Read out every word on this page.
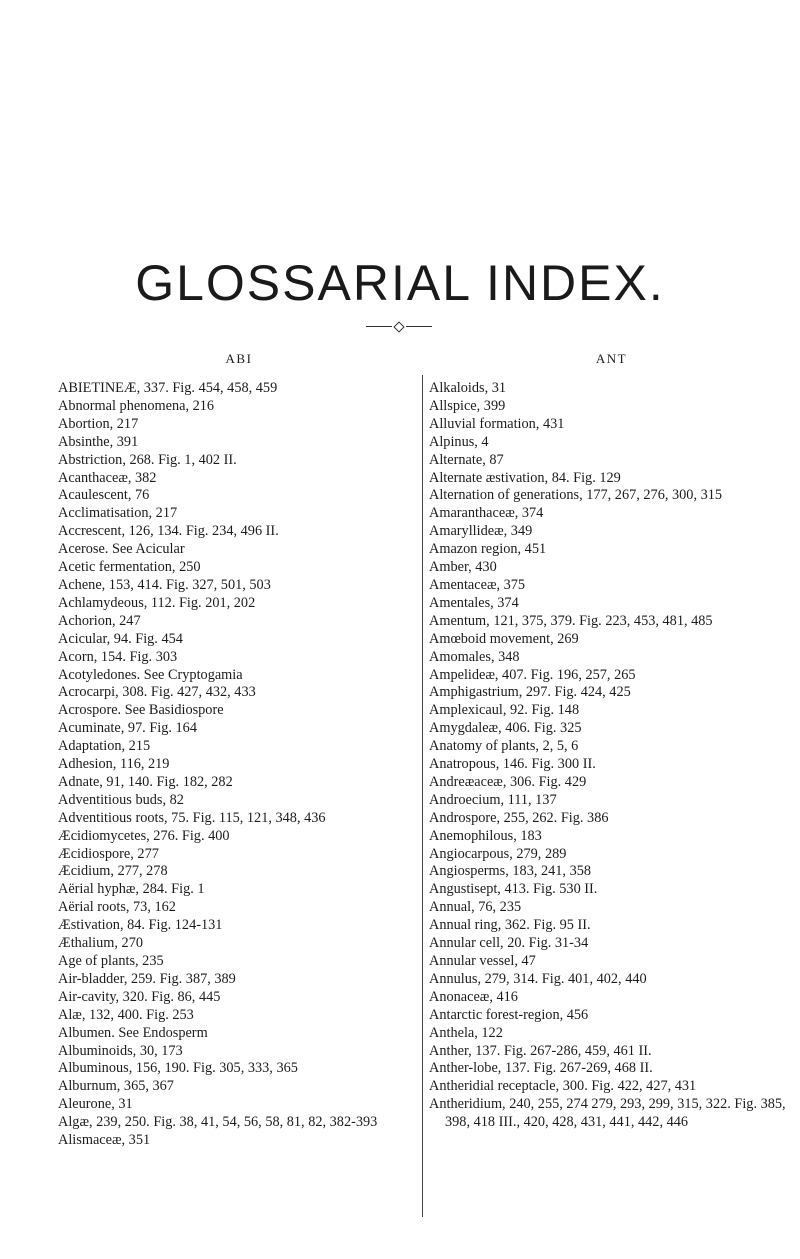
GLOSSARIAL INDEX.
ABI
ABIETINEÆ, 337. Fig. 454, 458, 459
Abnormal phenomena, 216
Abortion, 217
Absinthe, 391
Abstriction, 268. Fig. 1, 402 II.
Acanthaceæ, 382
Acaulescent, 76
Acclimatisation, 217
Accrescent, 126, 134. Fig. 234, 496 II.
Acerose. See Acicular
Acetic fermentation, 250
Achene, 153, 414. Fig. 327, 501, 503
Achlamydeous, 112. Fig. 201, 202
Achorion, 247
Acicular, 94. Fig. 454
Acorn, 154. Fig. 303
Acotyledones. See Cryptogamia
Acrocarpi, 308. Fig. 427, 432, 433
Acrospore. See Basidiospore
Acuminate, 97. Fig. 164
Adaptation, 215
Adhesion, 116, 219
Adnate, 91, 140. Fig. 182, 282
Adventitious buds, 82
Adventitious roots, 75. Fig. 115, 121, 348, 436
Æcidiomycetes, 276. Fig. 400
Æcidiospore, 277
Æcidium, 277, 278
Aërial hyphæ, 284. Fig. 1
Aërial roots, 73, 162
Æstivation, 84. Fig. 124-131
Æthalium, 270
Age of plants, 235
Air-bladder, 259. Fig. 387, 389
Air-cavity, 320. Fig. 86, 445
Alæ, 132, 400. Fig. 253
Albumen. See Endosperm
Albuminoids, 30, 173
Albuminous, 156, 190. Fig. 305, 333, 365
Alburnum, 365, 367
Aleurone, 31
Algæ, 239, 250. Fig. 38, 41, 54, 56, 58, 81, 82, 382-393
Alismaceæ, 351
ANT
Alkaloids, 31
Allspice, 399
Alluvial formation, 431
Alpinus, 4
Alternate, 87
Alternate æstivation, 84. Fig. 129
Alternation of generations, 177, 267, 276, 300, 315
Amaranthaceæ, 374
Amaryllideæ, 349
Amazon region, 451
Amber, 430
Amentaceæ, 375
Amentales, 374
Amentum, 121, 375, 379. Fig. 223, 453, 481, 485
Amœboid movement, 269
Amomales, 348
Ampelideæ, 407. Fig. 196, 257, 265
Amphigastrium, 297. Fig. 424, 425
Amplexicaul, 92. Fig. 148
Amygdaleæ, 406. Fig. 325
Anatomy of plants, 2, 5, 6
Anatropous, 146. Fig. 300 II.
Andreæaceæ, 306. Fig. 429
Androecium, 111, 137
Androspore, 255, 262. Fig. 386
Anemophilous, 183
Angiocarpous, 279, 289
Angiosperms, 183, 241, 358
Angustisept, 413. Fig. 530 II.
Annual, 76, 235
Annual ring, 362. Fig. 95 II.
Annular cell, 20. Fig. 31-34
Annular vessel, 47
Annulus, 279, 314. Fig. 401, 402, 440
Anonaceæ, 416
Antarctic forest-region, 456
Anthela, 122
Anther, 137. Fig. 267-286, 459, 461 II.
Anther-lobe, 137. Fig. 267-269, 468 II.
Antheridial receptacle, 300. Fig. 422, 427, 431
Antheridium, 240, 255, 274 279, 293, 299, 315, 322. Fig. 385, 398, 418 III., 420, 428, 431, 441, 442, 446
